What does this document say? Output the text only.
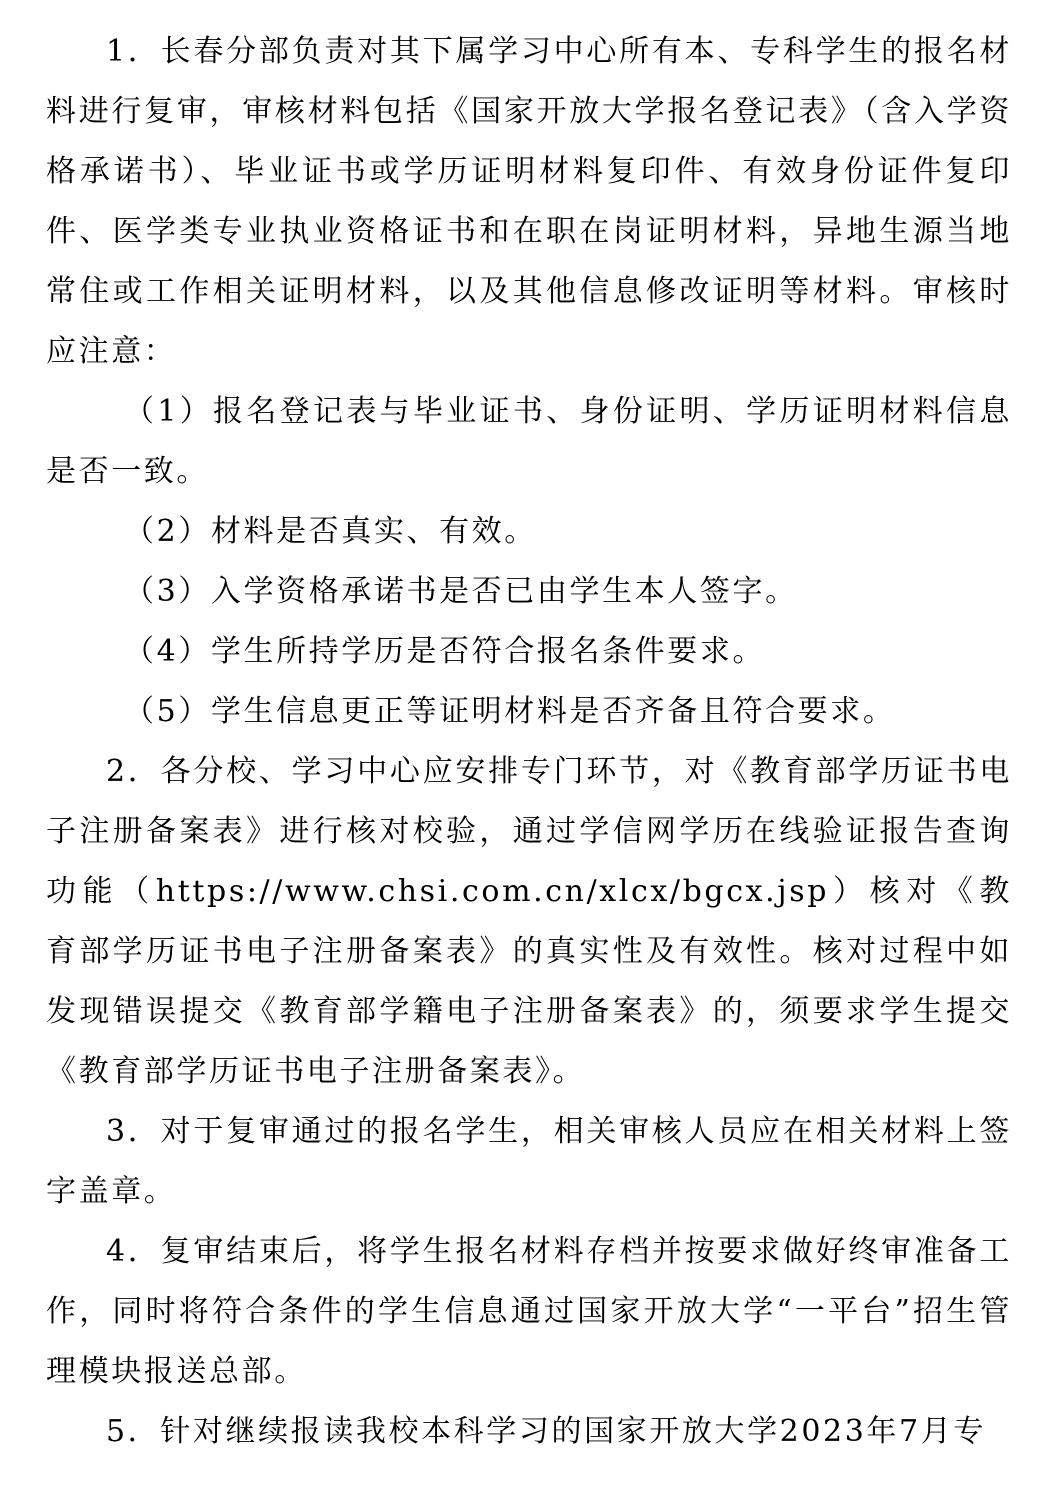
1．长春分部负责对其下属学习中心所有本、专科学生的报名材料进行复审，审核材料包括《国家开放大学报名登记表》（含入学资格承诺书）、毕业证书或学历证明材料复印件、有效身份证件复印件、医学类专业执业资格证书和在职在岗证明材料，异地生源当地常住或工作相关证明材料，以及其他信息修改证明等材料。审核时应注意：

（1）报名登记表与毕业证书、身份证明、学历证明材料信息是否一致。

（2）材料是否真实、有效。

（3）入学资格承诺书是否已由学生本人签字。

（4）学生所持学历是否符合报名条件要求。

（5）学生信息更正等证明材料是否齐备且符合要求。

2．各分校、学习中心应安排专门环节，对《教育部学历证书电子注册备案表》进行核对校验，通过学信网学历在线验证报告查询功能（https://www.chsi.com.cn/xlcx/bgcx.jsp）核对《教育部学历证书电子注册备案表》的真实性及有效性。核对过程中如发现错误提交《教育部学籍电子注册备案表》的，须要求学生提交《教育部学历证书电子注册备案表》。

3．对于复审通过的报名学生，相关审核人员应在相关材料上签字盖章。

4．复审结束后，将学生报名材料存档并按要求做好终审准备工作，同时将符合条件的学生信息通过国家开放大学“一平台”招生管理模块报送总部。

5．针对继续报读我校本科学习的国家开放大学2023年7月专
